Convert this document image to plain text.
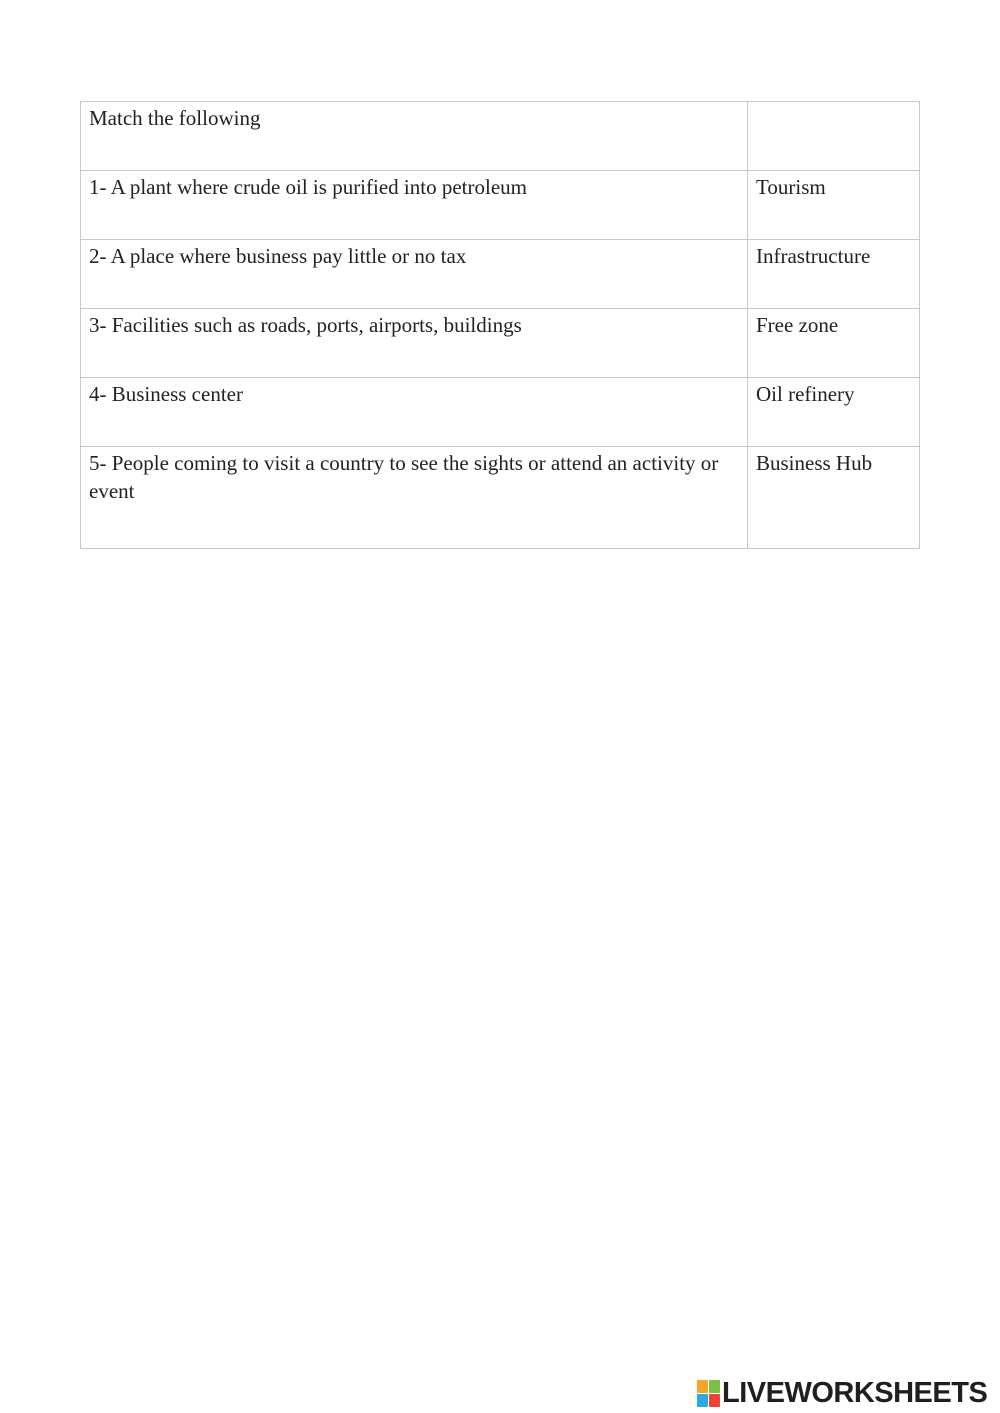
Match the following	
1- A plant where crude oil is purified into petroleum	Tourism
2- A place where business pay little or no tax	Infrastructure
3- Facilities such as roads, ports, airports, buildings	Free zone
4- Business center	Oil refinery
5- People coming to visit a country to see the sights or attend an activity or event	Business Hub
LIVEWORKSHEETS
